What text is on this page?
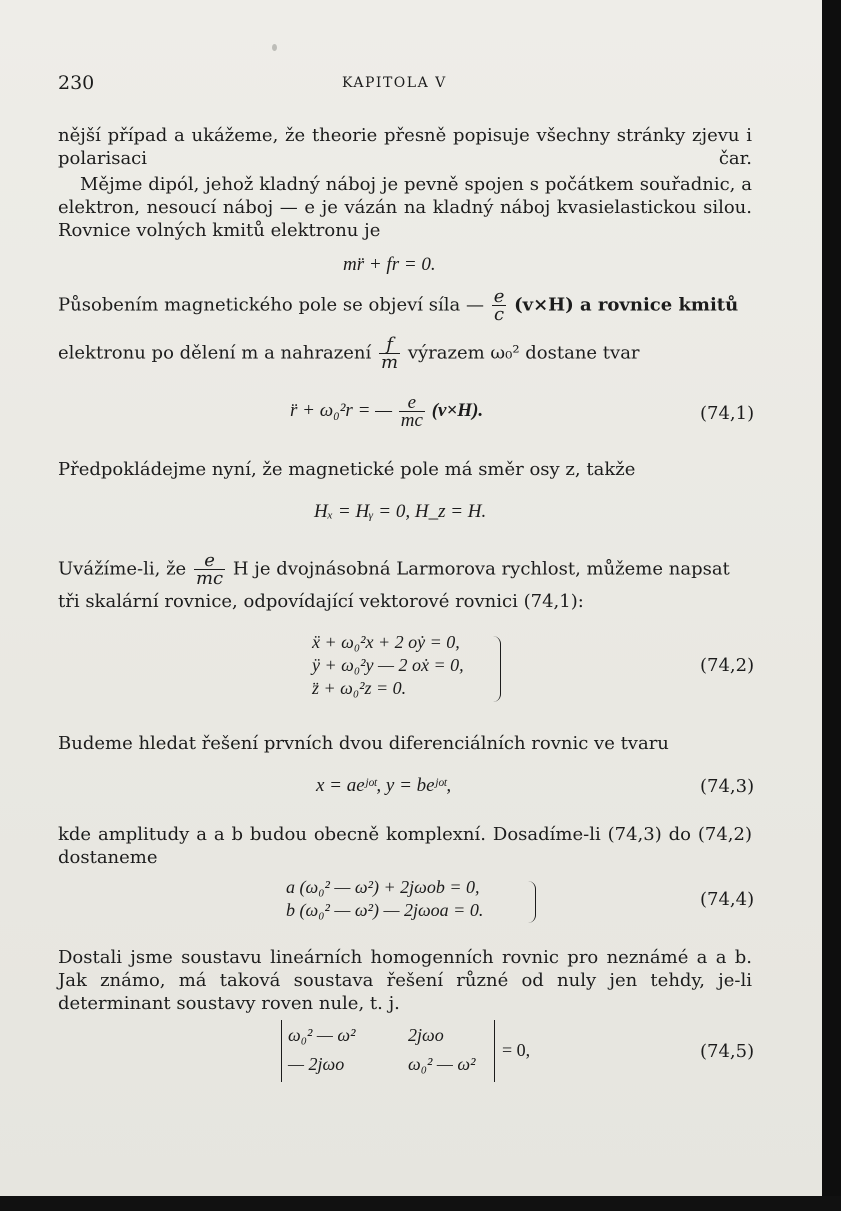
230	KAPITOLA V

nější případ a ukážeme, že theorie přesně popisuje všechny stránky zjevu i polarisaci čar.

Mějme dipól, jehož kladný náboj je pevně spojen s počátkem souřadnic, a elektron, nesoucí náboj — e je vázán na kladný náboj kvasielastickou silou. Rovnice volných kmitů elektronu je

mr̈ + fr = 0.
Působením magnetického pole se objeví síla — $\frac{e}{c} (v\times H)$ a rovnice kmitů
elektronu po dělení m a nahrazení $\frac{f}{m}$ výrazem ω₀² dostane tvar
r̈ + ω₀²r = — $\frac{e}{mc} (v\times H)$.	(74,1)

Předpokládejme nyní, že magnetické pole má směr osy z, takže

Hₓ = Hᵧ = 0, H_z = H.
Uvážíme-li, že $\frac{e}{mc}$ H je dvojnásobná Larmorova rychlost, můžeme napsat

tři skalární rovnice, odpovídající vektorové rovnici (74,1):

ẍ + ω₀²x + 2 oẏ = 0,
ÿ + ω₀²y — 2 oẋ = 0,
z̈ + ω₀²z = 0.
(74,2)

Budeme hledat řešení prvních dvou diferenciálních rovnic ve tvaru

x = aeʲᵒᵗ, y = beʲᵒᵗ,	(74,3)

kde amplitudy a a b budou obecně komplexní. Dosadíme-li (74,3) do (74,2) dostaneme

a (ω₀² — ω²) + 2jωob = 0,
b (ω₀² — ω²) — 2jωoa = 0.	(74,4)

Dostali jsme soustavu lineárních homogenních rovnic pro neznámé a a b. Jak známo, má taková soustava řešení různé od nuly jen tehdy, je-li determinant soustavy roven nule, t. j.

ω₀² — ω²	2jωo
— 2jωo	ω₀² — ω²
= 0,	(74,5)
